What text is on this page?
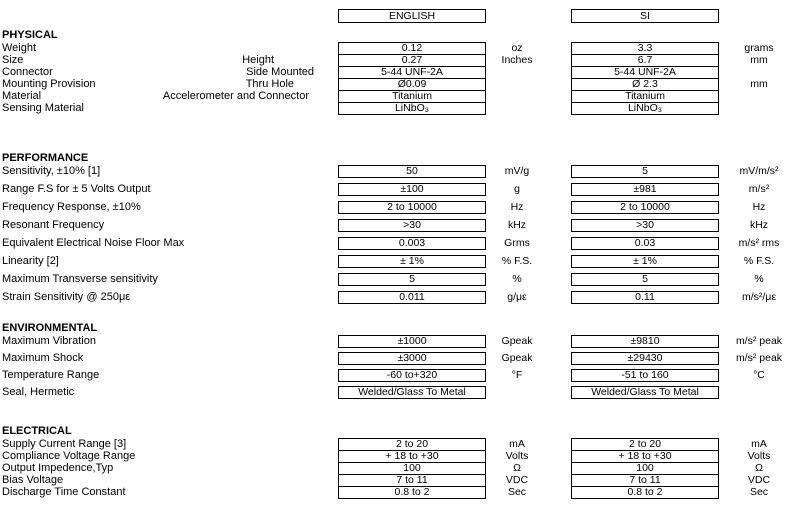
ENGLISH	SI
PHYSICAL
Weight	0.12	oz	3.3	grams
Size	Height	0.27	Inches	6.7	mm
Connector	Side Mounted	5-44 UNF-2A	5-44 UNF-2A
Mounting Provision	Thru Hole	Ø0.09	Ø 2.3	mm
Material	Accelerometer and Connector	Titanium	Titanium
Sensing Material	LiNbO₃	LiNbO₃
PERFORMANCE
Sensitivity, ±10% [1]	50	mV/g	5	mV/m/s²
Range F.S for ± 5 Volts Output	±100	g	±981	m/s²
Frequency Response, ±10%	2 to 10000	Hz	2 to 10000	Hz
Resonant Frequency	>30	kHz	>30	kHz
Equivalent Electrical Noise Floor Max	0.003	Grms	0.03	m/s² rms
Linearity [2]	± 1%	% F.S.	± 1%	% F.S.
Maximum Transverse sensitivity	5	%	5	%
Strain Sensitivity @ 250με	0.011	g/με	0.11	m/s²/με
ENVIRONMENTAL
Maximum Vibration	±1000	Gpeak	±9810	m/s² peak
Maximum Shock	±3000	Gpeak	±29430	m/s² peak
Temperature Range	-60 to+320	°F	-51 to 160	°C
Seal, Hermetic	Welded/Glass To Metal	Welded/Glass To Metal
ELECTRICAL
Supply Current Range [3]	2 to 20	mA	2 to 20	mA
Compliance Voltage Range	+ 18 to +30	Volts	+ 18 to +30	Volts
Output Impedence,Typ	100	Ω	100	Ω
Bias Voltage	7 to 11	VDC	7 to 11	VDC
Discharge Time Constant	0.8 to 2	Sec	0.8 to 2	Sec
